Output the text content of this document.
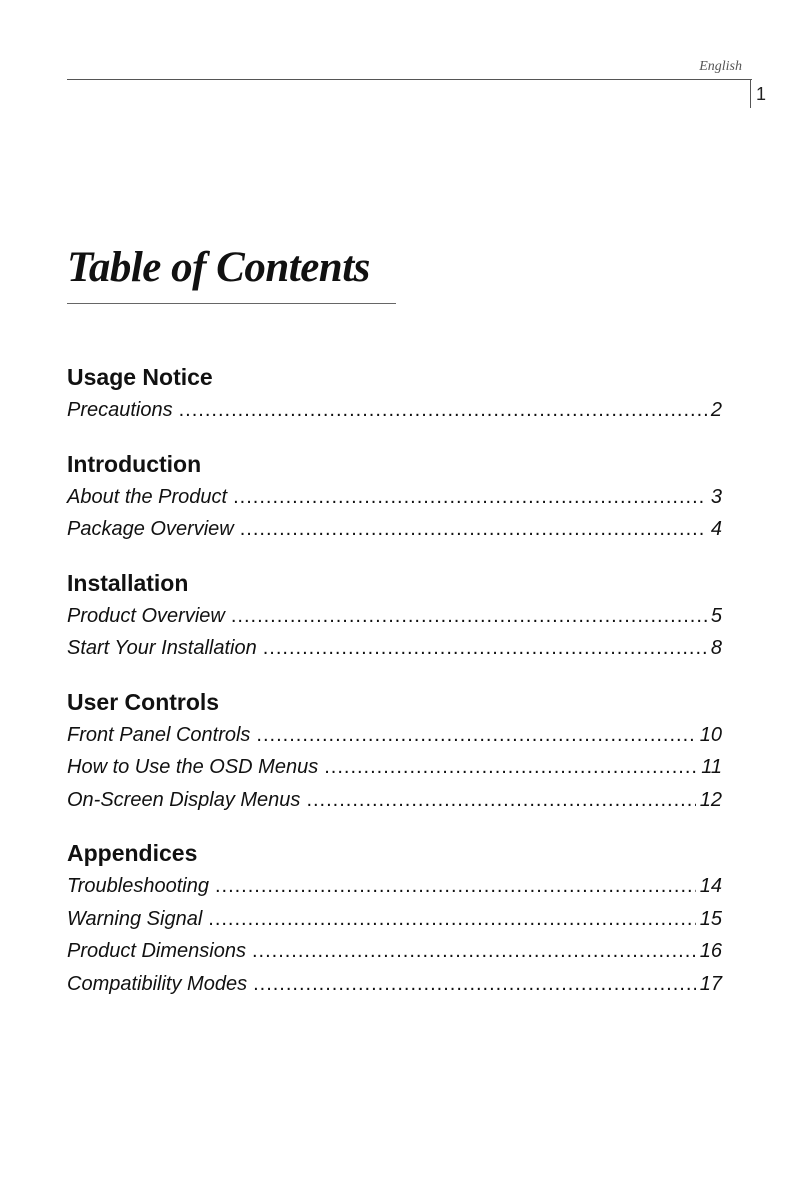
English
1
Table of Contents
Usage Notice
Precautions .....	2
Introduction
About the Product .....	3
Package Overview .....	4
Installation
Product Overview .....	5
Start Your Installation .....	8
User Controls
Front Panel Controls .....	10
How to Use the OSD Menus .....	11
On-Screen Display Menus .....	12
Appendices
Troubleshooting .....	14
Warning Signal .....	15
Product Dimensions .....	16
Compatibility Modes .....	17
